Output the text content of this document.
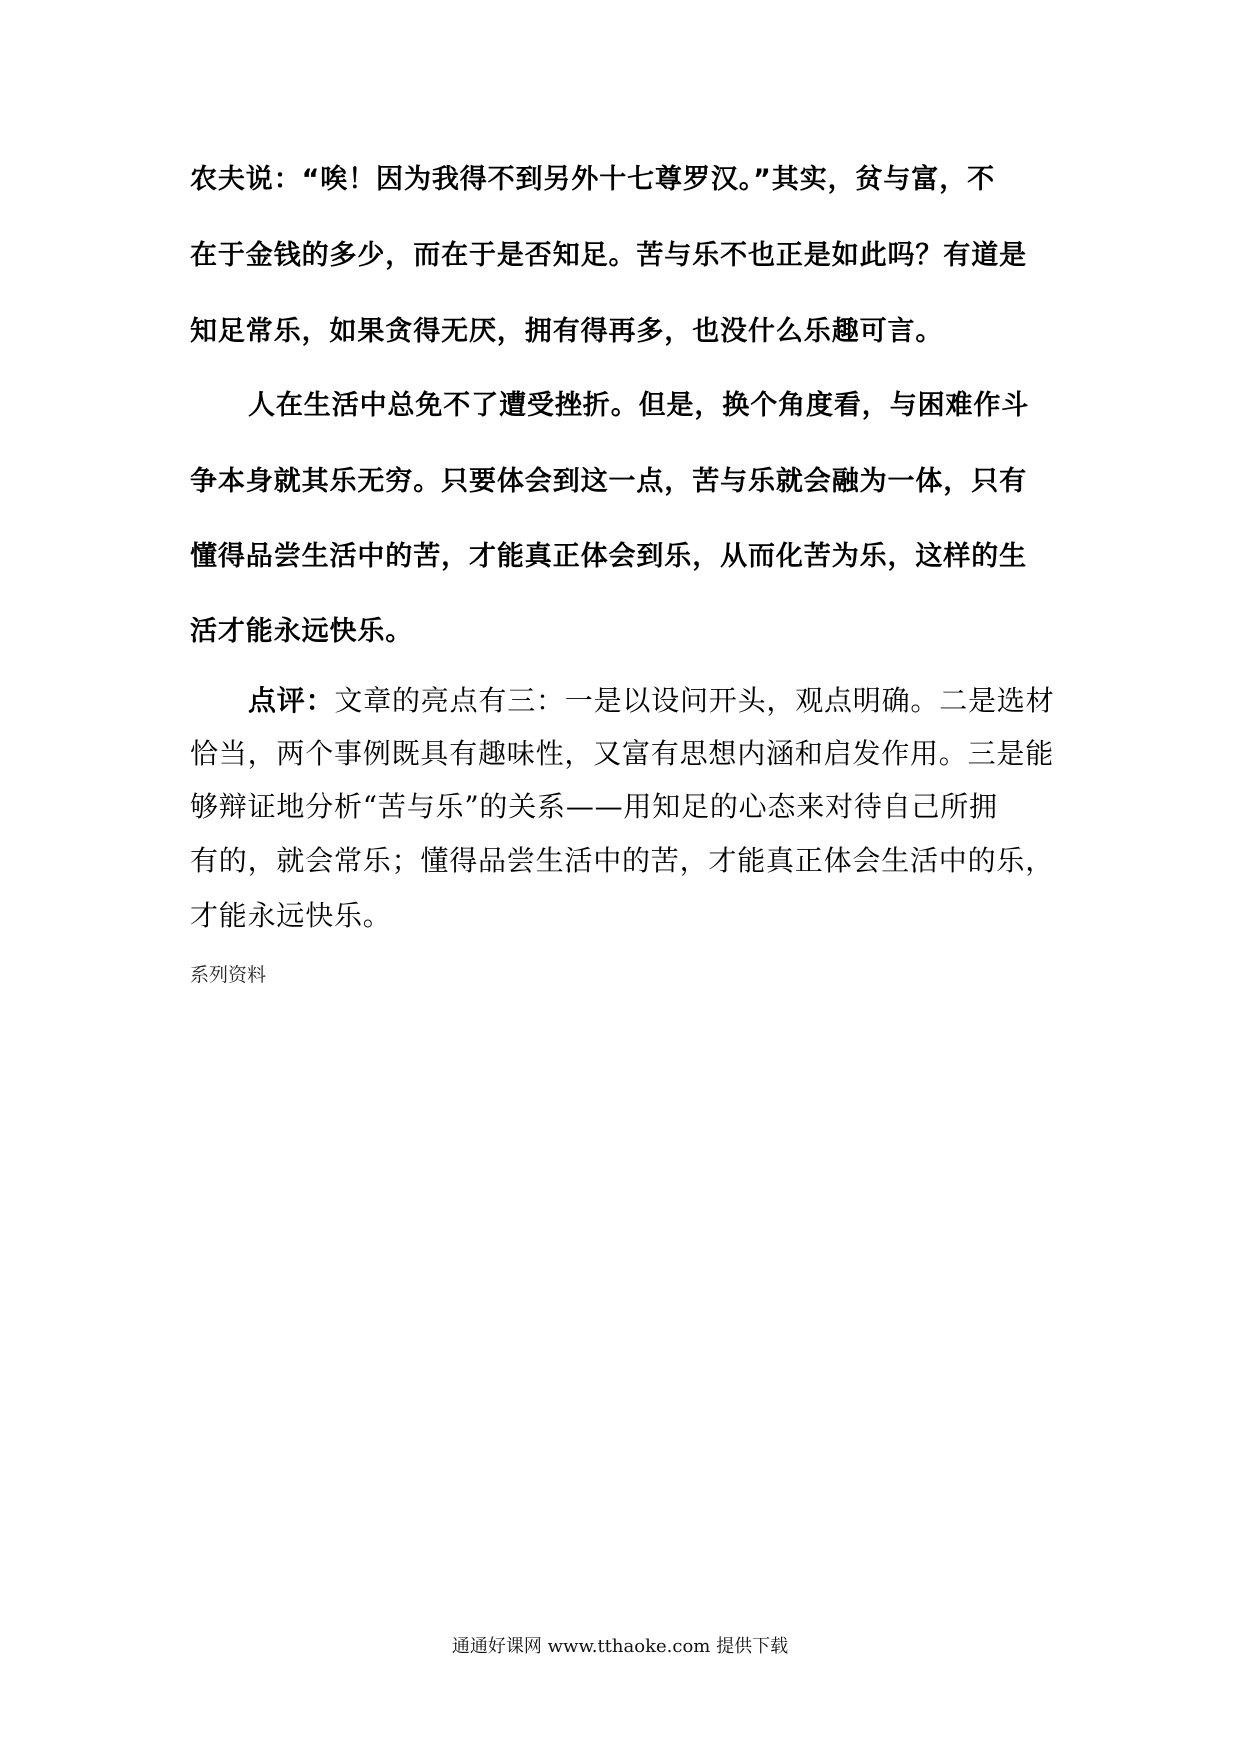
农夫说：“唉！因为我得不到另外十七尊罗汉。”其实，贫与富，不
在于金钱的多少，而在于是否知足。苦与乐不也正是如此吗？有道是
知足常乐，如果贪得无厌，拥有得再多，也没什么乐趣可言。
人在生活中总免不了遭受挫折。但是，换个角度看，与困难作斗
争本身就其乐无穷。只要体会到这一点，苦与乐就会融为一体，只有
懂得品尝生活中的苦，才能真正体会到乐，从而化苦为乐，这样的生
活才能永远快乐。
点评：文章的亮点有三：一是以设问开头，观点明确。二是选材
恰当，两个事例既具有趣味性，又富有思想内涵和启发作用。三是能
够辩证地分析“苦与乐”的关系——用知足的心态来对待自己所拥
有的，就会常乐；懂得品尝生活中的苦，才能真正体会生活中的乐，
才能永远快乐。
系列资料
通通好课网 www.tthaoke.com 提供下载
